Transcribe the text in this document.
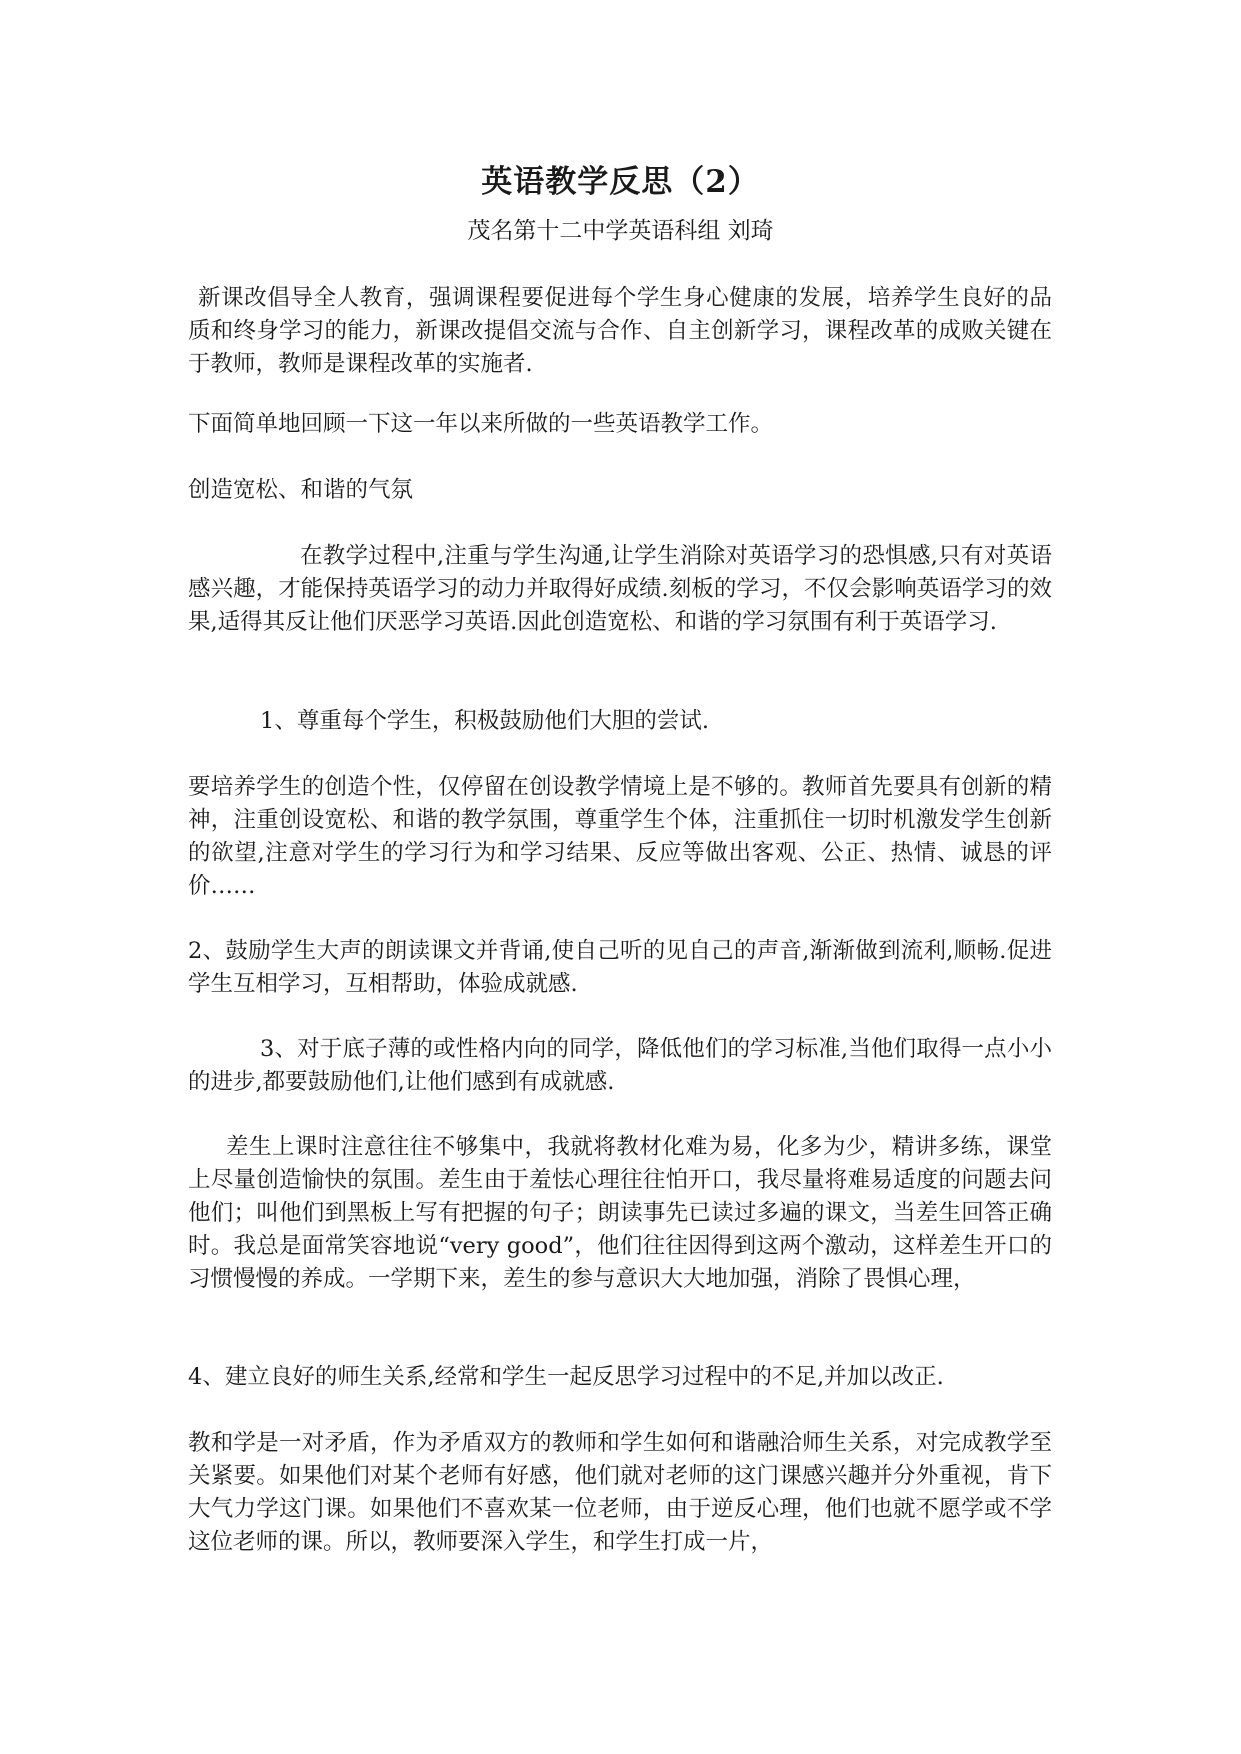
英语教学反思（2）
茂名第十二中学英语科组 刘琦

新课改倡导全人教育，强调课程要促进每个学生身心健康的发展，培养学生良好的品质和终身学习的能力，新课改提倡交流与合作、自主创新学习，课程改革的成败关键在于教师，教师是课程改革的实施者.

下面简单地回顾一下这一年以来所做的一些英语教学工作。

创造宽松、和谐的气氛

在教学过程中,注重与学生沟通,让学生消除对英语学习的恐惧感,只有对英语感兴趣，才能保持英语学习的动力并取得好成绩.刻板的学习，不仅会影响英语学习的效果,适得其反让他们厌恶学习英语.因此创造宽松、和谐的学习氛围有利于英语学习.

1、尊重每个学生，积极鼓励他们大胆的尝试.

要培养学生的创造个性，仅停留在创设教学情境上是不够的。教师首先要具有创新的精神，注重创设宽松、和谐的教学氛围，尊重学生个体，注重抓住一切时机激发学生创新的欲望,注意对学生的学习行为和学习结果、反应等做出客观、公正、热情、诚恳的评价……

2、鼓励学生大声的朗读课文并背诵,使自己听的见自己的声音,渐渐做到流利,顺畅.促进学生互相学习，互相帮助，体验成就感.

3、对于底子薄的或性格内向的同学，降低他们的学习标准,当他们取得一点小小的进步,都要鼓励他们,让他们感到有成就感.

差生上课时注意往往不够集中，我就将教材化难为易，化多为少，精讲多练，课堂上尽量创造愉快的氛围。差生由于羞怯心理往往怕开口，我尽量将难易适度的问题去问他们；叫他们到黑板上写有把握的句子；朗读事先已读过多遍的课文，当差生回答正确时。我总是面常笑容地说“very good”，他们往往因得到这两个激动，这样差生开口的习惯慢慢的养成。一学期下来，差生的参与意识大大地加强，消除了畏惧心理，

4、建立良好的师生关系,经常和学生一起反思学习过程中的不足,并加以改正.

教和学是一对矛盾，作为矛盾双方的教师和学生如何和谐融洽师生关系，对完成教学至关紧要。如果他们对某个老师有好感，他们就对老师的这门课感兴趣并分外重视，肯下大气力学这门课。如果他们不喜欢某一位老师，由于逆反心理，他们也就不愿学或不学这位老师的课。所以，教师要深入学生，和学生打成一片，
